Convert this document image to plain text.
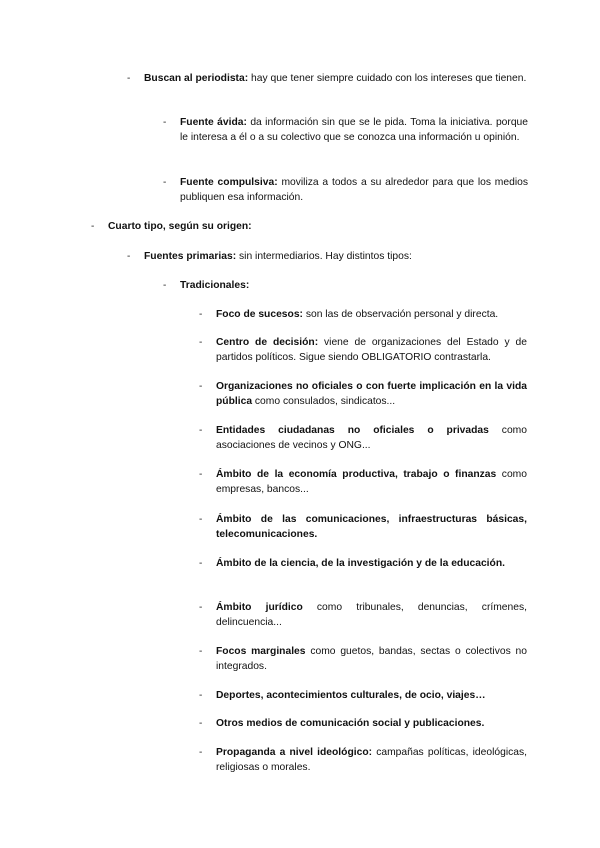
- Buscan al periodista: hay que tener siempre cuidado con los intereses que tienen.
- Fuente ávida: da información sin que se le pida. Toma la iniciativa. porque le interesa a él o a su colectivo que se conozca una información u opinión.
- Fuente compulsiva: moviliza a todos a su alrededor para que los medios publiquen esa información.
- Cuarto tipo, según su origen:
- Fuentes primarias: sin intermediarios. Hay distintos tipos:
- Tradicionales:
- Foco de sucesos: son las de observación personal y directa.
- Centro de decisión: viene de organizaciones del Estado y de partidos políticos. Sigue siendo OBLIGATORIO contrastarla.
- Organizaciones no oficiales o con fuerte implicación en la vida pública como consulados, sindicatos...
- Entidades ciudadanas no oficiales o privadas como asociaciones de vecinos y ONG...
- Ámbito de la economía productiva, trabajo o finanzas como empresas, bancos...
- Ámbito de las comunicaciones, infraestructuras básicas, telecomunicaciones.
- Ámbito de la ciencia, de la investigación y de la educación.
- Ámbito jurídico como tribunales, denuncias, crímenes, delincuencia...
- Focos marginales como guetos, bandas, sectas o colectivos no integrados.
- Deportes, acontecimientos culturales, de ocio, viajes…
- Otros medios de comunicación social y publicaciones.
- Propaganda a nivel ideológico: campañas políticas, ideológicas, religiosas o morales.
